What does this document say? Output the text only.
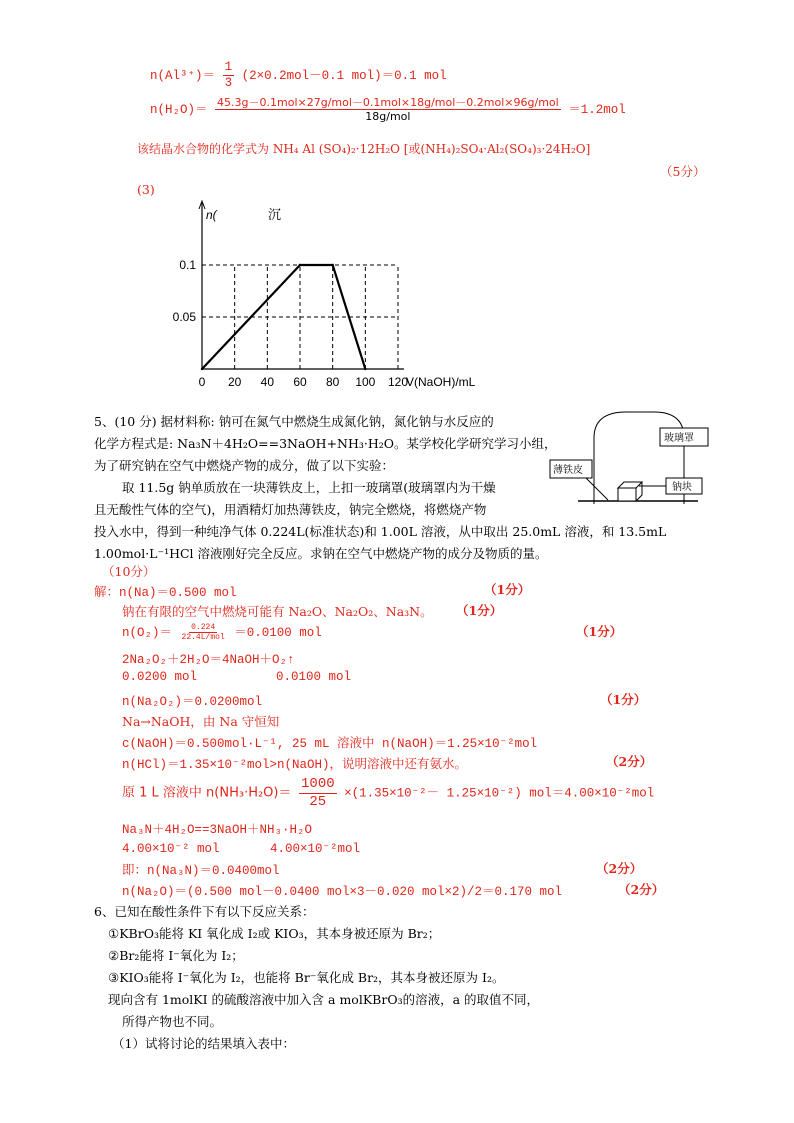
$n(Al^{3+})= \frac{1}{3} (2\times 0.2mol-0.1$ mol)＝0.1 mol
$n(H_2O)= \frac{\text{45.3g－0.1mol×27g/mol－0.1mol×18g/mol－0.2mol×96g/mol}}{\text{18g/mol}} =1.2mol$
该结晶水合物的化学式为 NH₄ Al (SO₄)₂·12H₂O [或(NH₄)₂SO₄·Al₂(SO₄)₃·24H₂O]
（5分）
(3)
0 20 40 60 80 100 120
0.05
0.1
V(NaOH)/mL
n(	沉
5、(10 分) 据材料称: 钠可在氮气中燃烧生成氮化钠，氮化钠与水反应的
化学方程式是: Na₃N＋4H₂O==3NaOH+NH₃·H₂O。某学校化学研究学习小组，
为了研究钠在空气中燃烧产物的成分，做了以下实验：
取 11.5g 钠单质放在一块薄铁皮上，上扣一玻璃罩(玻璃罩内为干燥
且无酸性气体的空气)，用酒精灯加热薄铁皮，钠完全燃烧，将燃烧产物
投入水中，得到一种纯净气体 0.224L(标准状态)和 1.00L 溶液，从中取出 25.0mL 溶液，和 13.5mL
1.00mol·L⁻¹HCl 溶液刚好完全反应。求钠在空气中燃烧产物的成分及物质的量。
（10分）
玻璃罩
薄铁皮
钠块
解：n(Na)＝0.500 mol	（1分）
钠在有限的空气中燃烧可能有 Na₂O、Na₂O₂、Na₃N。 （1分）
$n(O_2)= \frac{0.224}{\text{22.4L/mol}} =0.0100$ mol	（1分）
2Na₂O₂＋2H₂O＝4NaOH＋O₂↑
0.0200 mol	0.0100 mol
n(Na₂O₂)＝0.0200mol	（1分）
Na→NaOH，由 Na 守恒知
c(NaOH)＝0.500mol·L⁻¹, 25 mL 溶液中 n(NaOH)＝1.25×10⁻²mol
n(HCl)＝1.35×10⁻²mol>n(NaOH)，说明溶液中还有氨水。	（2分）
原 1 L 溶液中 $n(NH_3\cdot H_2O)= \frac{1000}{25} \times(1.35\times 10^{-2}- 1.25\times 10^{-2})$ mol＝4.00×10⁻²mol
Na₃N＋4H₂O==3NaOH＋NH₃·H₂O
4.00×10⁻² mol	4.00×10⁻²mol
即：n(Na₃N)＝0.0400mol	（2分）
n(Na₂O)＝(0.500 mol－0.0400 mol×3－0.020 mol×2)/2＝0.170 mol	（2分）
6、已知在酸性条件下有以下反应关系：
①KBrO₃能将 KI 氧化成 I₂或 KIO₃，其本身被还原为 Br₂；
②Br₂能将 I⁻氧化为 I₂；
③KIO₃能将 I⁻氧化为 I₂，也能将 Br⁻氧化成 Br₂，其本身被还原为 I₂。
现向含有 1molKI 的硫酸溶液中加入含 a molKBrO₃的溶液，a 的取值不同，
所得产物也不同。
（1）试将讨论的结果填入表中：
